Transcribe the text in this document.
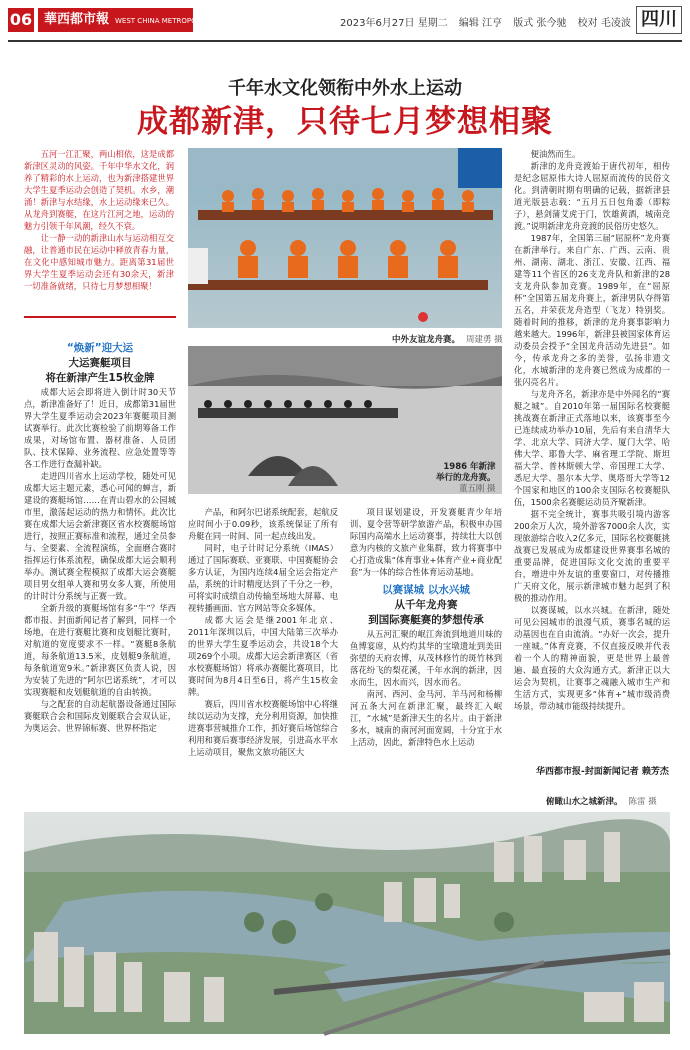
06 華西都市報 WEST CHINA METROPOLIS DAILY	2023年6月27日 星期二 编辑 江亨 版式 张今驰 校对 毛凌波 四川
千年水文化领衔中外水上运动
成都新津，只待七月梦想相聚

五河一江汇聚，两山相依，这是成都新津区灵动的风姿。千年中华水文化，润养了精彩的水上运动，也为新津搭建世界大学生夏季运动会创造了契机。水乡，潮涌！新津与水结缘，水上运动缘来已久。从龙舟到赛艇，在这片江河之地，运动的魅力引领千年风潮，经久不衰。

让一静一动的新津山水与运动相互交融，让普通市民在运动中释放青春力量，在文化中感知城市魅力。距离第31届世界大学生夏季运动会还有30余天，新津一切准备就绪，只待七月梦想相聚！

“焕新”迎大运
大运赛艇项目
将在新津产生15枚金牌

成都大运会即将进入倒计时30天节点，新津准备好了！近日，成都第31届世界大学生夏季运动会2023年赛艇项目测试赛举行。此次比赛检验了前期筹备工作成果，对场馆布置、器材准备、人员团队、技术保障、业务流程、应急处置等等各工作进行查漏补缺。

走进四川省水上运动学校，随处可见成都大运主题元素，悉心可闻的蝉言，新建设的赛艇场馆……在青山碧水的公园城市里，激荡起运动的热力和情怀。此次比赛在成都大运会新津赛区省水校赛艇场馆进行，按照正赛标准和流程，通过全员参与、全要素、全流程演练，全面磨合赛时指挥运行体系流程，确保成都大运会顺利举办。测试赛全程模拟了成都大运会赛艇项目男女组单人赛和男女多人赛，所使用的计时计分系统与正赛一致。

全新升级的赛艇场馆有多“牛”？华西都市报、封面新闻记者了解到，同样一个场地，在进行赛艇比赛和皮划艇比赛时，对航道的宽度要求不一样。“赛艇8条航道，每条航道13.5米，皮划艇9条航道，每条航道宽9米。”新津赛区负责人说，因为安装了先进的“阿尔巴诺系统”，才可以实现赛艇和皮划艇航道的自由转换。

与之配套的自动起航器设备通过国际赛艇联合会和国际皮划艇联合会双认证，为奥运会、世界锦标赛、世界杯指定

中外友谊龙舟赛。 周建勇 摄
1986 年新津
举行的龙舟赛。
董五刚 摄

产品，和阿尔巴诺系统配套，起航反应时间小于0.09秒，该系统保证了所有舟艇在同一时间、同一起点线出发。

同时，电子计时记分系统（IMAS）通过了国际赛联、亚赛联、中国赛艇协会多方认证，为国内连续4届全运会指定产品，系统的计时精度达到了千分之一秒，可将实时成绩自动传输至场地大屏幕、电视转播画面、官方网站等众多媒体。

成都大运会是继2001年北京、2011年深圳以后，中国大陆第三次举办的世界大学生夏季运动会，共设18个大项269个小项。成都大运会新津赛区（省水校赛艇场馆）将承办赛艇比赛项目，比赛时间为8月4日至6日，将产生15枚金牌。

赛后，四川省水校赛艇场馆中心将继续以运动为支撑，充分利用资源，加快推进赛事营城推介工作，抓好赛后场馆综合利用和赛后赛事经济发展，引进高水平水上运动项目，聚焦文旅功能区大

项目谋划建设，开发赛艇青少年培训、夏令营等研学旅游产品，积极申办国际国内高端水上运动赛事，持续壮大以创意为内核的文旅产业集群，致力将赛事中心打造成集“体育事业+体育产业+商业配套”为一体的综合性体育运动基地。

以赛谋城 以水兴城
从千年龙舟赛
到国际赛艇赛的梦想传承

从五河汇聚的岷江奔流到地道川味的鱼博宴席，从灼灼其华的宝墩遗址到美田弥望的天府农博，从茂林修竹的斑竹林到落花纷飞的梨花溪，千年水润的新津，因水而生，因水而兴，因水而名。

南河、西河、金马河、羊马河和杨柳河五条大河在新津汇聚，最终汇入岷江，“水城”是新津天生的名片。由于新津多水，城南的南河河面宽阔，十分宜于水上活动，因此，新津特色水上运动

便油然而生。

新津的龙舟竞渡始于唐代初年，相传是纪念屈原伟大诗人屈原而流传的民俗文化。到清朝时期有明确的记载，据新津县道光版县志载：“五月五日包角黍（即粽子），悬剑蒲艾虎于门，饮雄黄酒，城南竞渡。”说明新津龙舟竞渡的民俗历史悠久。

1987年，全国第三届“屈原杯”龙舟赛在新津举行。来自广东、广西、云南、贵州、湖南、湖北、浙江、安徽、江西、福建等11个省区的26支龙舟队和新津的28支龙舟队参加竞赛。1989年，在“屈原杯”全国第五届龙舟赛上，新津男队夺得第五名，并荣获龙舟造型（飞龙）特别奖。随着时间的推移，新津的龙舟赛事影响力越来越大。1996年，新津县被国家体育运动委员会授予“全国龙舟活动先进县”。如今，传承龙舟之多的美誉，弘扬非遗文化，水城新津的龙舟赛已然成为成都的一张闪亮名片。

与龙舟齐名，新津亦是中外闻名的“赛艇之城”。自2010年第一届国际名校赛艇挑战赛在新津正式落地以来，该赛事至今已连续成功举办10届，先后有来自清华大学、北京大学、同济大学、厦门大学、哈佛大学、耶鲁大学、麻省理工学院、斯坦福大学、普林斯顿大学、帝国理工大学、悉尼大学、墨尔本大学、奥塔哥大学等12个国家和地区的100余支国际名校赛艇队伍，1500余名赛艇运动员齐聚新津。

据不完全统计，赛事共吸引境内游客200余万人次，境外游客7000余人次，实现旅游综合收入2亿多元，国际名校赛艇挑战赛已发展成为成都建设世界赛事名城的重要品牌，促进国际文化交流的重要平台，增进中外友谊的重要窗口，对传播推广天府文化，展示新津城市魅力起到了积极的推动作用。

以赛谋城，以水兴城。在新津，随处可见公园城市的浪漫气质，赛事名城的运动基因也在自由流淌。“办好一次会，提升一座城。”体育竞赛，不仅直接反映并代表着一个人的精神面貌，更是世界上最普遍、最直接的大众沟通方式。新津正以大运会为契机，让赛事之魂融入城市生产和生活方式，实现更多“体育+”城市级消费场景，带动城市能级持续提升。

华西都市报-封面新闻记者 赖芳杰
俯瞰山水之城新津。 陈雷 摄
